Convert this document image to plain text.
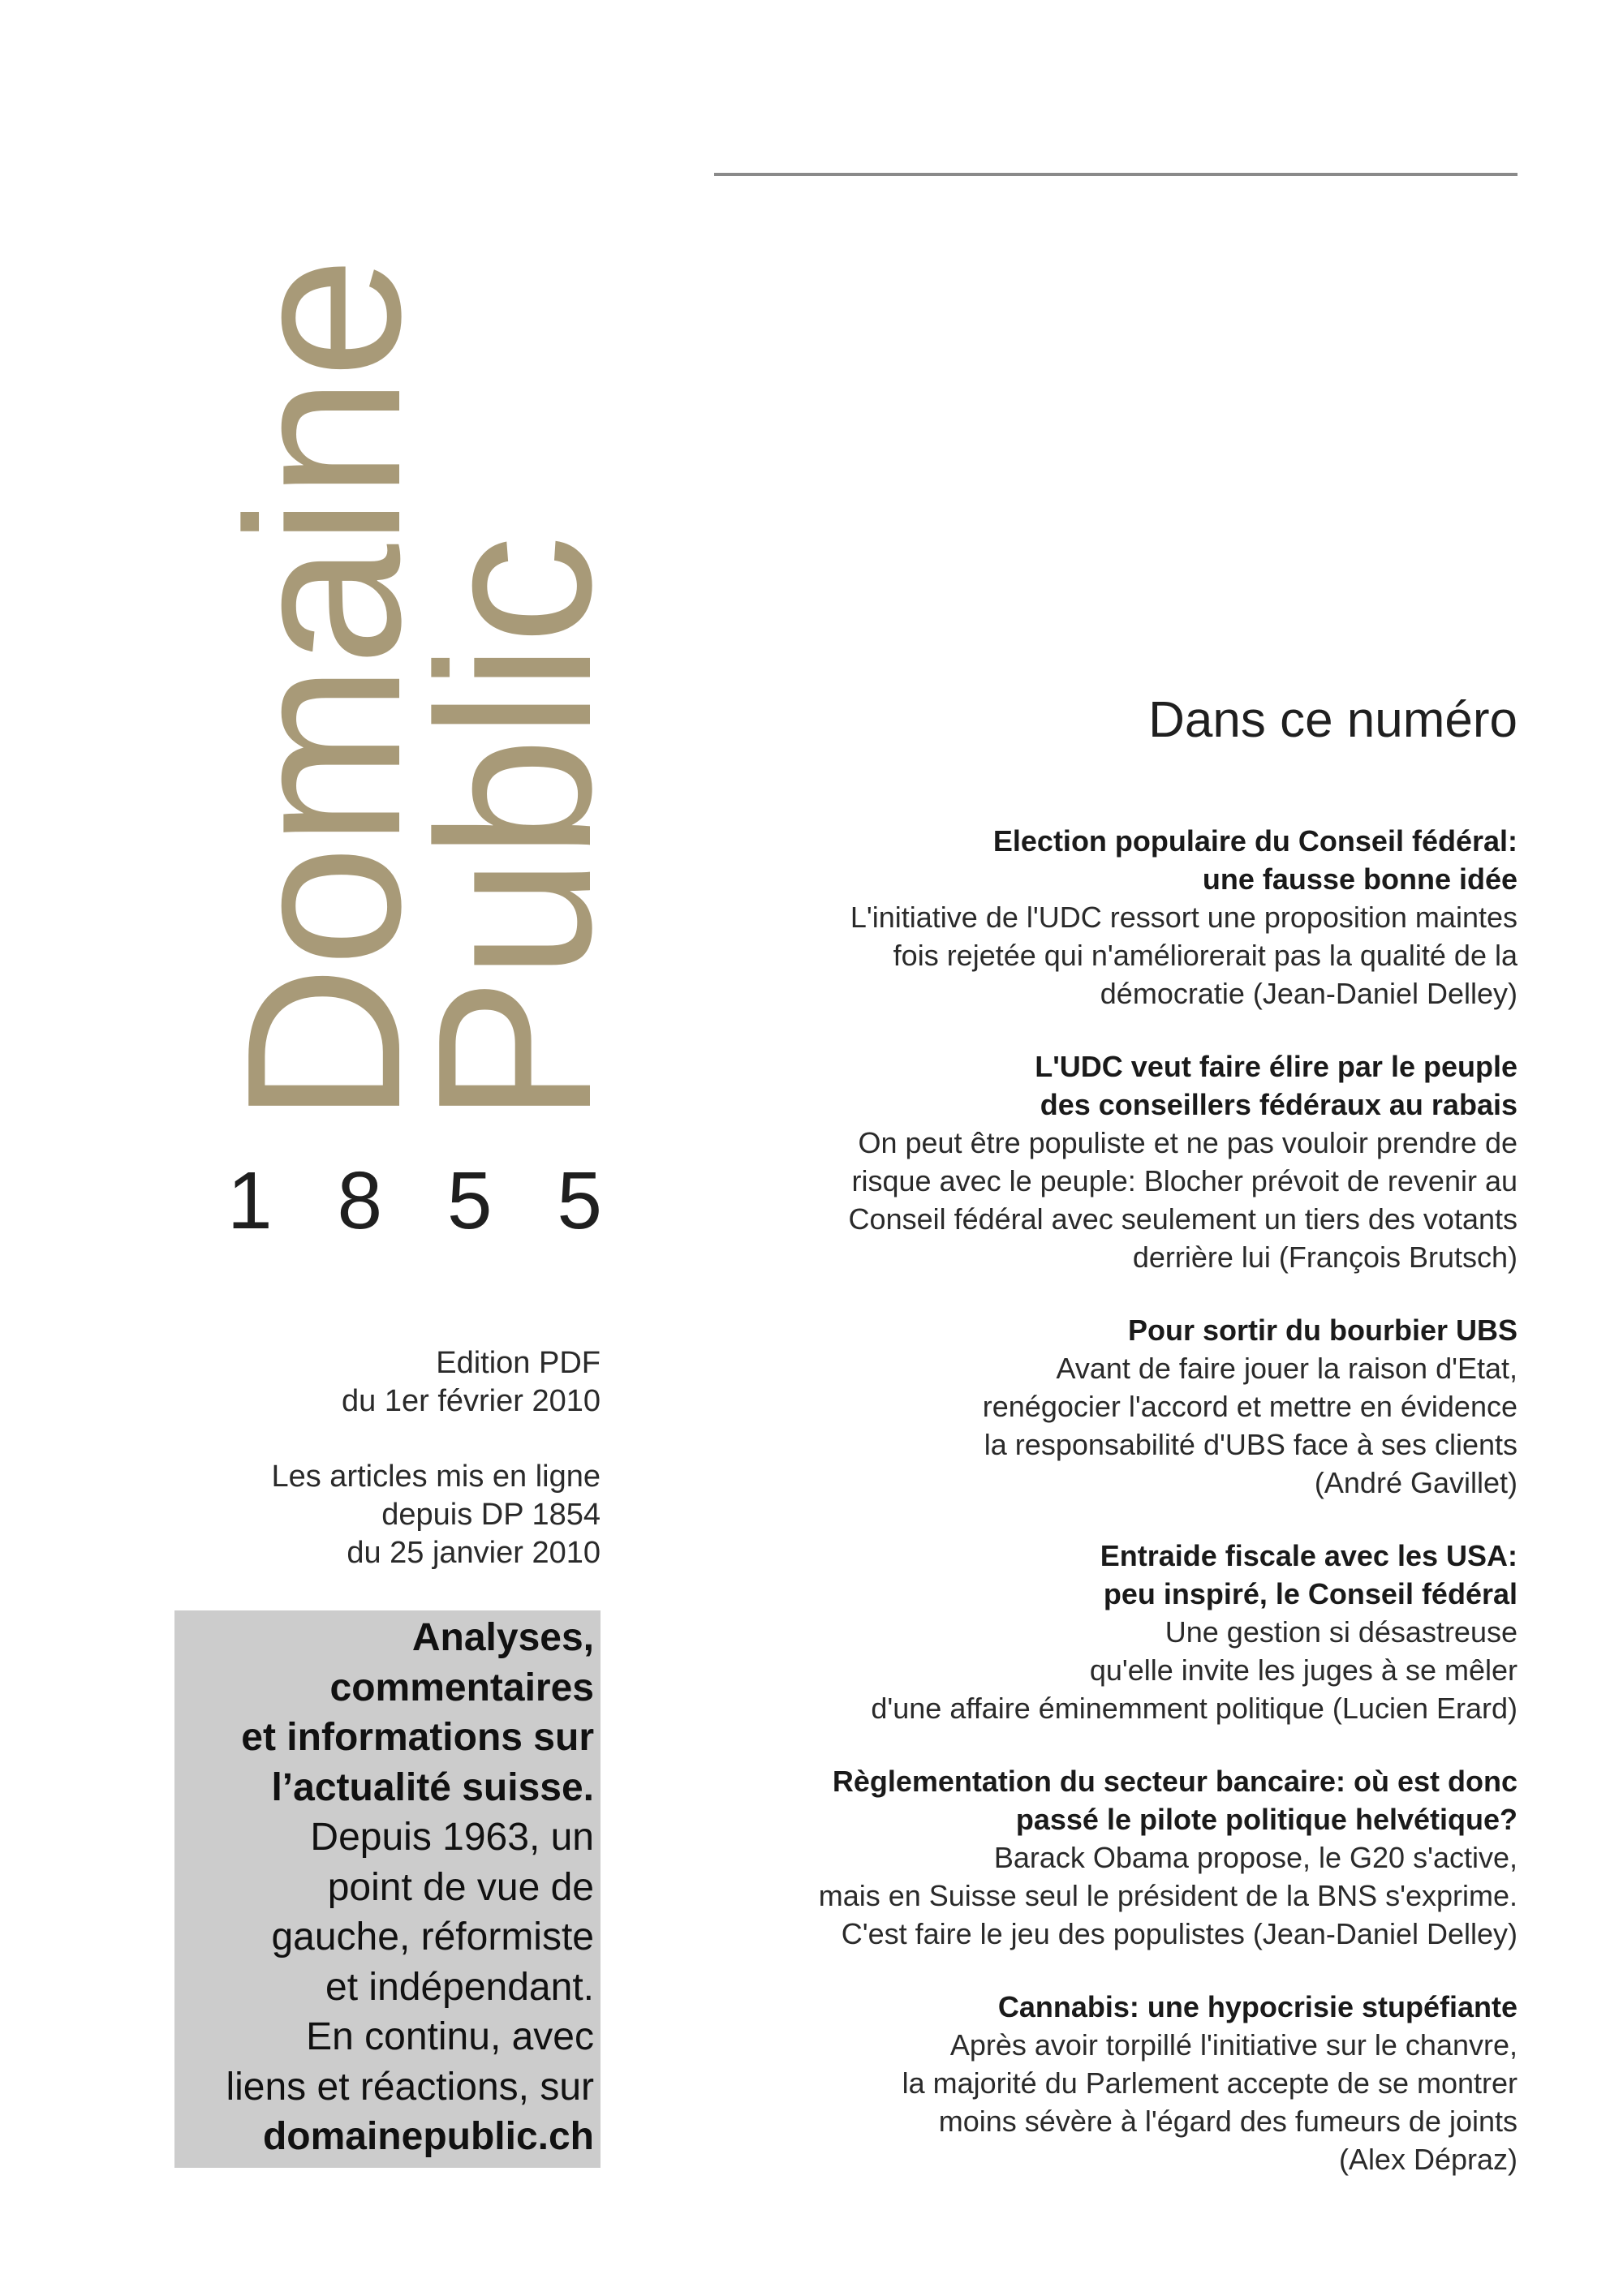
Domaine
Public
1 8 5 5
Edition PDF
du 1er février 2010
Les articles mis en ligne
depuis DP 1854
du 25 janvier 2010
Analyses,
commentaires
et informations sur
l’actualité suisse.
Depuis 1963, un
point de vue de
gauche, réformiste
et indépendant.
En continu, avec
liens et réactions, sur
domainepublic.ch
Dans ce numéro
Election populaire du Conseil fédéral:
une fausse bonne idée
L'initiative de l'UDC ressort une proposition maintes
fois rejetée qui n'améliorerait pas la qualité de la
démocratie (Jean-Daniel Delley)
L'UDC veut faire élire par le peuple
des conseillers fédéraux au rabais
On peut être populiste et ne pas vouloir prendre de
risque avec le peuple: Blocher prévoit de revenir au
Conseil fédéral avec seulement un tiers des votants
derrière lui (François Brutsch)
Pour sortir du bourbier UBS
Avant de faire jouer la raison d'Etat,
renégocier l'accord et mettre en évidence
la responsabilité d'UBS face à ses clients
(André Gavillet)
Entraide fiscale avec les USA:
peu inspiré, le Conseil fédéral
Une gestion si désastreuse
qu'elle invite les juges à se mêler
d'une affaire éminemment politique (Lucien Erard)
Règlementation du secteur bancaire: où est donc
passé le pilote politique helvétique?
Barack Obama propose, le G20 s'active,
mais en Suisse seul le président de la BNS s'exprime.
C'est faire le jeu des populistes (Jean-Daniel Delley)
Cannabis: une hypocrisie stupéfiante
Après avoir torpillé l'initiative sur le chanvre,
la majorité du Parlement accepte de se montrer
moins sévère à l'égard des fumeurs de joints
(Alex Dépraz)
